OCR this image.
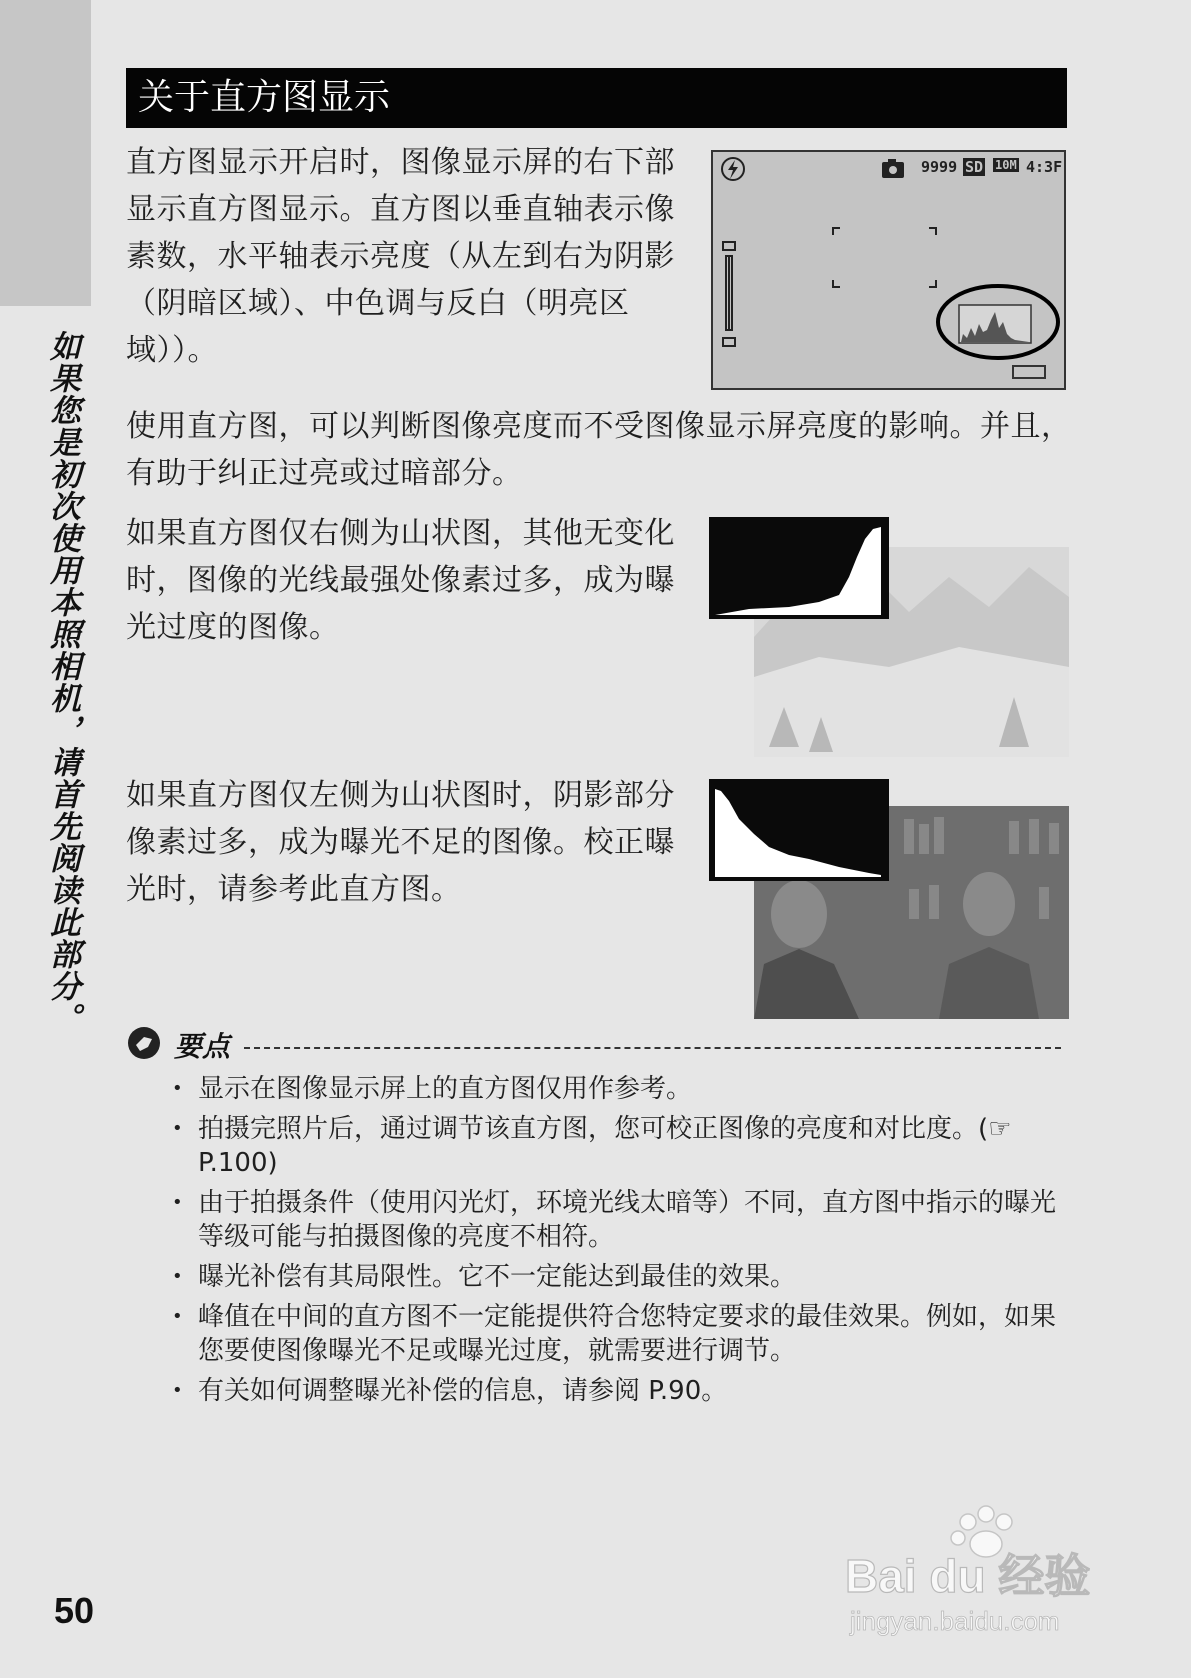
如果您是初次使用本照相机，请首先阅读此部分。
50
关于直方图显示
直方图显示开启时，图像显示屏的右下部显示直方图显示。直方图以垂直轴表示像素数，水平轴表示亮度（从左到右为阴影（阴暗区域）、中色调与反白（明亮区域））。
9999 SD 10M 4:3F
使用直方图，可以判断图像亮度而不受图像显示屏亮度的影响。并且，有助于纠正过亮或过暗部分。
如果直方图仅右侧为山状图，其他无变化时，图像的光线最强处像素过多，成为曝光过度的图像。
如果直方图仅左侧为山状图时，阴影部分像素过多，成为曝光不足的图像。校正曝光时，请参考此直方图。
要点
• 显示在图像显示屏上的直方图仅用作参考。
• 拍摄完照片后，通过调节该直方图，您可校正图像的亮度和对比度。(☞P.100)
• 由于拍摄条件（使用闪光灯，环境光线太暗等）不同，直方图中指示的曝光等级可能与拍摄图像的亮度不相符。
• 曝光补偿有其局限性。它不一定能达到最佳的效果。
• 峰值在中间的直方图不一定能提供符合您特定要求的最佳效果。例如，如果您要使图像曝光不足或曝光过度，就需要进行调节。
• 有关如何调整曝光补偿的信息，请参阅 P.90。
Bai du 经验
jingyan.baidu.com
